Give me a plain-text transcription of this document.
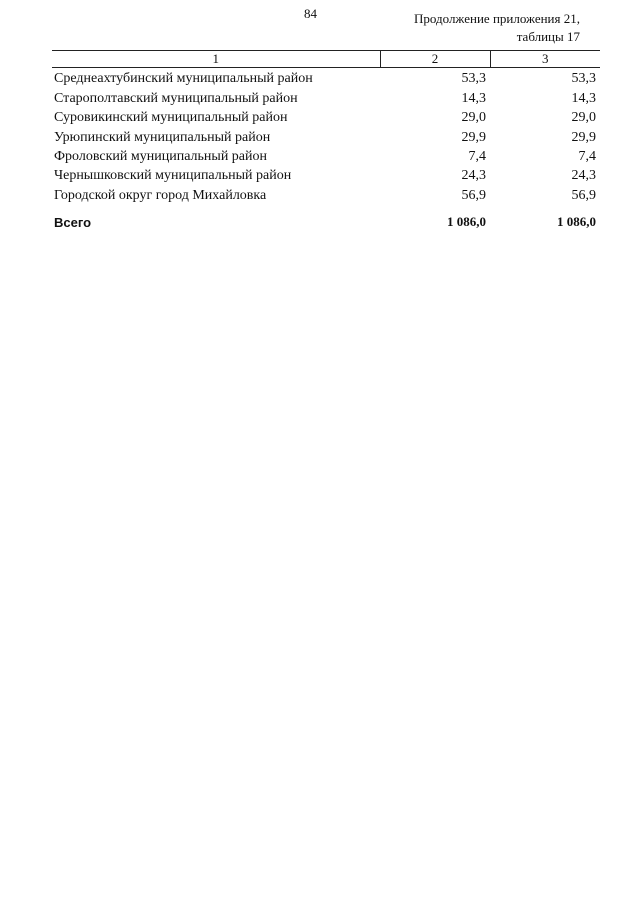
84	Продолжение приложения 21,
таблицы 17
1	2	3
Среднеахтубинский муниципальный район	53,3	53,3
Старополтавский муниципальный район	14,3	14,3
Суровикинский муниципальный район	29,0	29,0
Урюпинский муниципальный район	29,9	29,9
Фроловский муниципальный район	7,4	7,4
Чернышковский муниципальный район	24,3	24,3
Городской округ город Михайловка	56,9	56,9
Всего	1 086,0	1 086,0
